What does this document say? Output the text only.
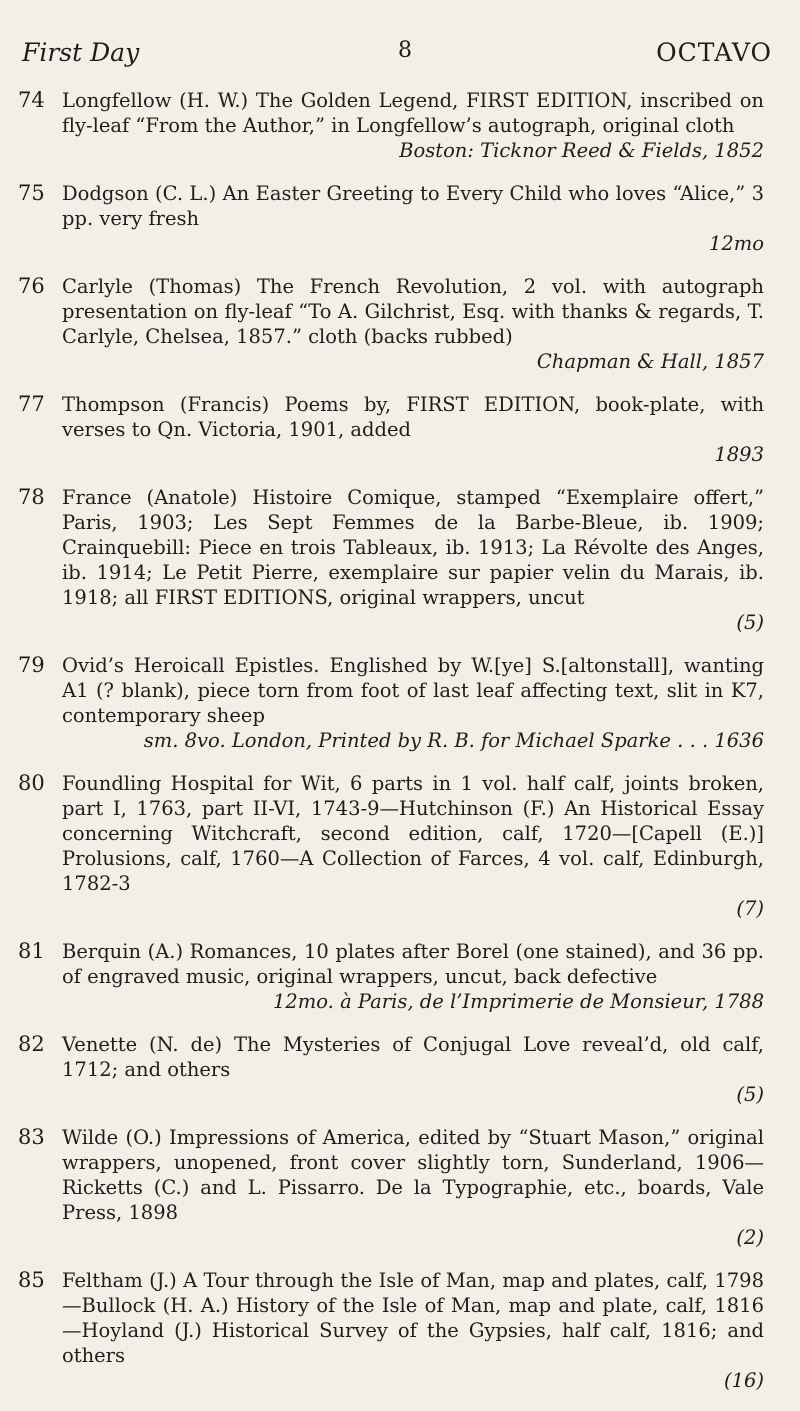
First Day	8	OCTAVO
74 Longfellow (H. W.) The Golden Legend, FIRST EDITION, inscribed on fly-leaf “From the Author,” in Longfellow’s autograph, original cloth
Boston: Ticknor Reed & Fields, 1852
75 Dodgson (C. L.) An Easter Greeting to Every Child who loves “Alice,” 3 pp. very fresh
12mo
76 Carlyle (Thomas) The French Revolution, 2 vol. with autograph presentation on fly-leaf “To A. Gilchrist, Esq. with thanks & regards, T. Carlyle, Chelsea, 1857.” cloth (backs rubbed)
Chapman & Hall, 1857
77 Thompson (Francis) Poems by, FIRST EDITION, book-plate, with verses to Qn. Victoria, 1901, added
1893
78 France (Anatole) Histoire Comique, stamped “Exemplaire offert,” Paris, 1903; Les Sept Femmes de la Barbe-Bleue, ib. 1909; Crainquebill: Piece en trois Tableaux, ib. 1913; La Révolte des Anges, ib. 1914; Le Petit Pierre, exemplaire sur papier velin du Marais, ib. 1918; all FIRST EDITIONS, original wrappers, uncut
(5)
79 Ovid’s Heroicall Epistles. Englished by W.[ye] S.[altonstall], wanting A1 (? blank), piece torn from foot of last leaf affecting text, slit in K7, contemporary sheep
sm. 8vo. London, Printed by R. B. for Michael Sparke . . . 1636
80 Foundling Hospital for Wit, 6 parts in 1 vol. half calf, joints broken, part I, 1763, part II-VI, 1743-9—Hutchinson (F.) An Historical Essay concerning Witchcraft, second edition, calf, 1720—[Capell (E.)] Prolusions, calf, 1760—A Collection of Farces, 4 vol. calf, Edinburgh, 1782-3
(7)
81 Berquin (A.) Romances, 10 plates after Borel (one stained), and 36 pp. of engraved music, original wrappers, uncut, back defective
12mo. à Paris, de l’Imprimerie de Monsieur, 1788
82 Venette (N. de) The Mysteries of Conjugal Love reveal’d, old calf, 1712; and others
(5)
83 Wilde (O.) Impressions of America, edited by “Stuart Mason,” original wrappers, unopened, front cover slightly torn, Sunderland, 1906—Ricketts (C.) and L. Pissarro. De la Typographie, etc., boards, Vale Press, 1898
(2)
85 Feltham (J.) A Tour through the Isle of Man, map and plates, calf, 1798—Bullock (H. A.) History of the Isle of Man, map and plate, calf, 1816—Hoyland (J.) Historical Survey of the Gypsies, half calf, 1816; and others
(16)
